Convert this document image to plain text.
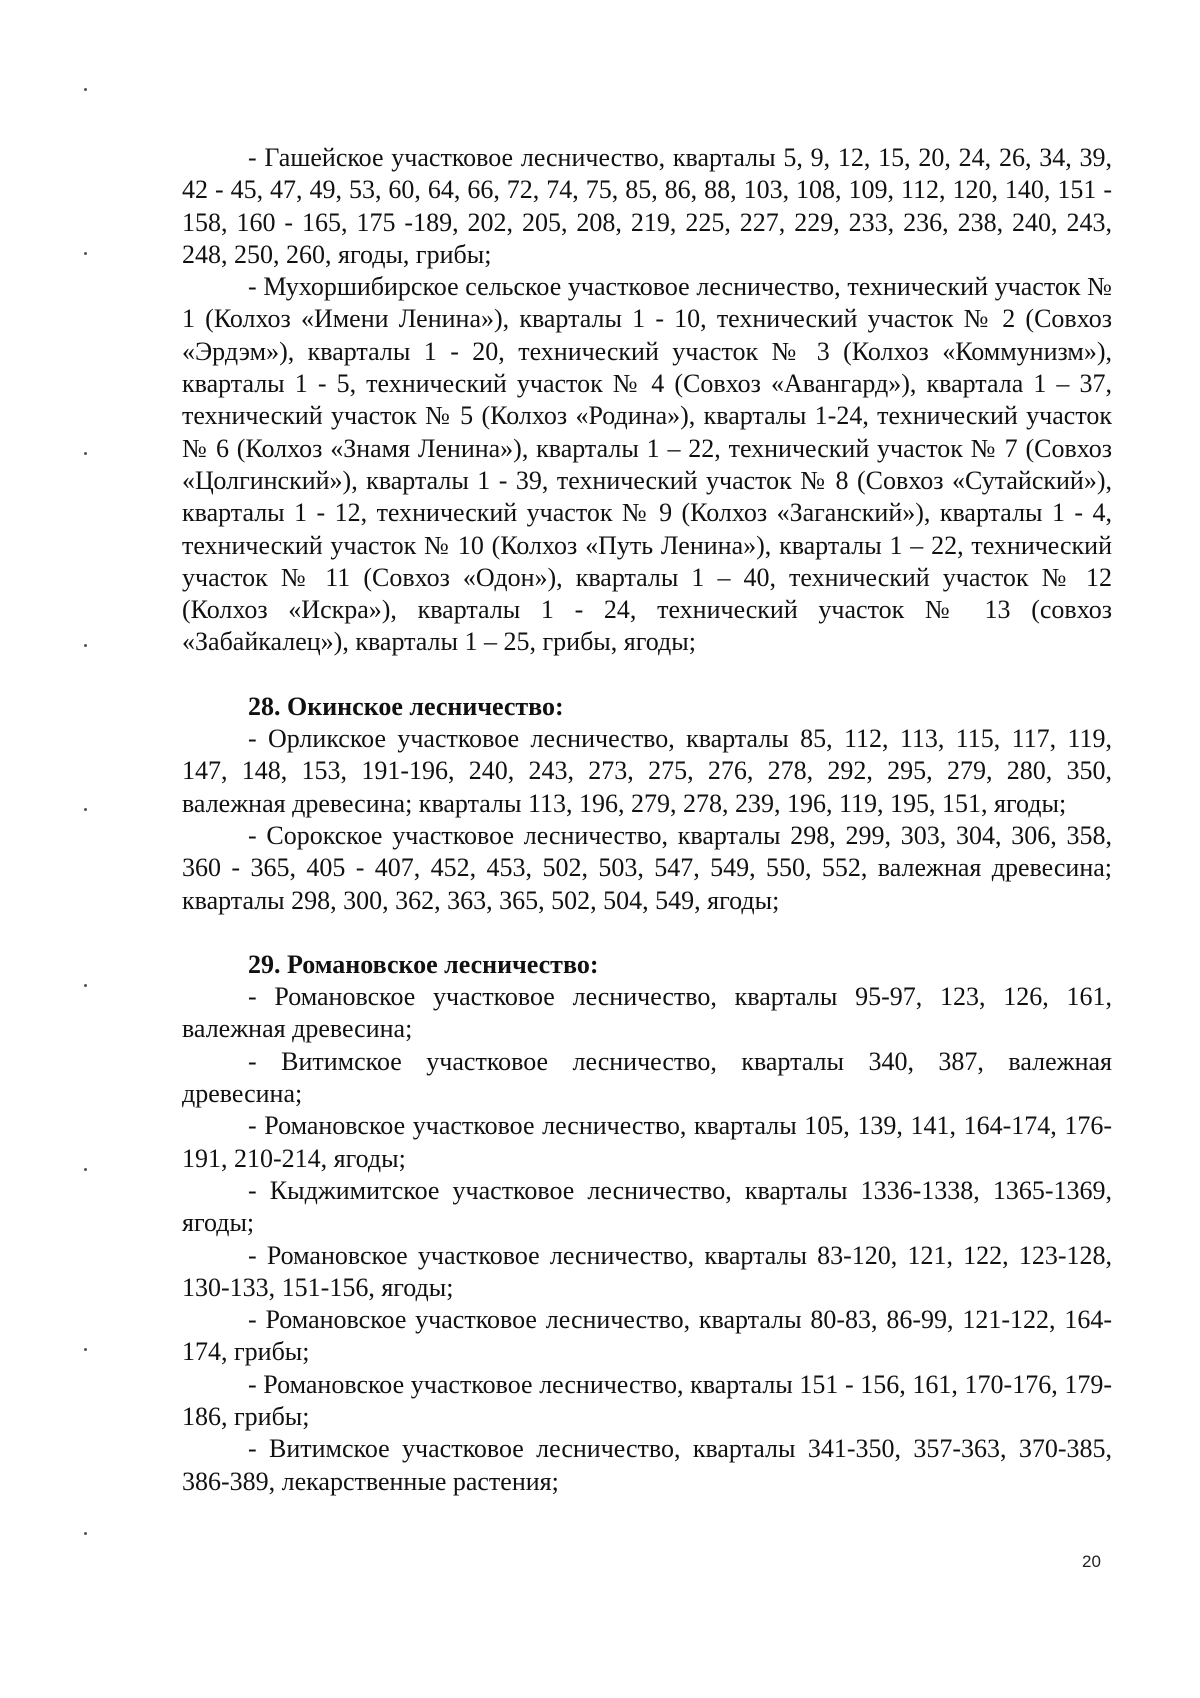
- Гашейское участковое лесничество, кварталы 5, 9, 12, 15, 20, 24, 26, 34, 39, 42 - 45, 47, 49, 53, 60, 64, 66, 72, 74, 75, 85, 86, 88, 103, 108, 109, 112, 120, 140, 151 - 158, 160 - 165, 175 -189, 202, 205, 208, 219, 225, 227, 229, 233, 236, 238, 240, 243, 248, 250, 260, ягоды, грибы;

- Мухоршибирское сельское участковое лесничество, технический участок № 1 (Колхоз «Имени Ленина»), кварталы 1 - 10, технический участок № 2 (Совхоз «Эрдэм»), кварталы 1 - 20, технический участок № 3 (Колхоз «Коммунизм»), кварталы 1 - 5, технический участок № 4 (Совхоз «Авангард»), квартала 1 – 37, технический участок № 5 (Колхоз «Родина»), кварталы 1-24, технический участок № 6 (Колхоз «Знамя Ленина»), кварталы 1 – 22, технический участок № 7 (Совхоз «Цолгинский»), кварталы 1 - 39, технический участок № 8 (Совхоз «Сутайский»), кварталы 1 - 12, технический участок № 9 (Колхоз «Заганский»), кварталы 1 - 4, технический участок № 10 (Колхоз «Путь Ленина»), кварталы 1 – 22, технический участок № 11 (Совхоз «Одон»), кварталы 1 – 40, технический участок № 12 (Колхоз «Искра»), кварталы 1 - 24, технический участок № 13 (совхоз «Забайкалец»), кварталы 1 – 25, грибы, ягоды;

28. Окинское лесничество:

- Орликское участковое лесничество, кварталы 85, 112, 113, 115, 117, 119, 147, 148, 153, 191-196, 240, 243, 273, 275, 276, 278, 292, 295, 279, 280, 350, валежная древесина; кварталы 113, 196, 279, 278, 239, 196, 119, 195, 151, ягоды;

- Сорокское участковое лесничество, кварталы 298, 299, 303, 304, 306, 358, 360 - 365, 405 - 407, 452, 453, 502, 503, 547, 549, 550, 552, валежная древесина; кварталы 298, 300, 362, 363, 365, 502, 504, 549, ягоды;

29. Романовское лесничество:

- Романовское участковое лесничество, кварталы 95-97, 123, 126, 161, валежная древесина;

- Витимское участковое лесничество, кварталы 340, 387, валежная древесина;

- Романовское участковое лесничество, кварталы 105, 139, 141, 164-174, 176-191, 210-214, ягоды;

- Кыджимитское участковое лесничество, кварталы 1336-1338, 1365-1369, ягоды;

- Романовское участковое лесничество, кварталы 83-120, 121, 122, 123-128, 130-133, 151-156, ягоды;

- Романовское участковое лесничество, кварталы 80-83, 86-99, 121-122, 164-174, грибы;

- Романовское участковое лесничество, кварталы 151 - 156, 161, 170-176, 179-186, грибы;

- Витимское участковое лесничество, кварталы 341-350, 357-363, 370-385, 386-389, лекарственные растения;

20
